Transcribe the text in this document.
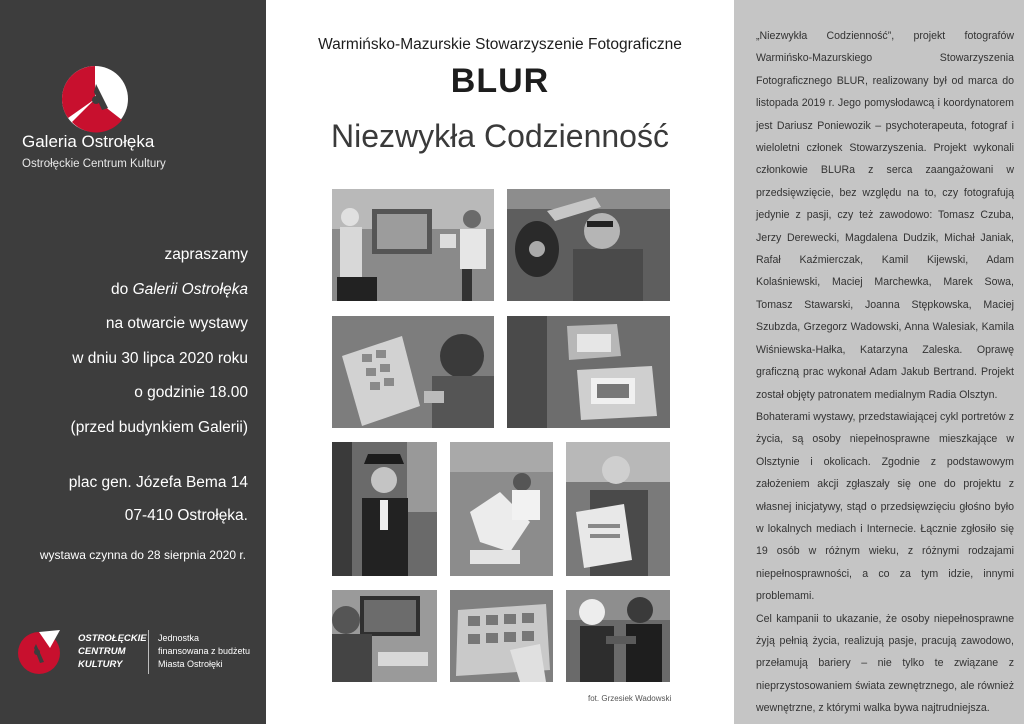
Galeria Ostrołęka
Ostrołęckie Centrum Kultury
zapraszamy
do Galerii Ostrołęka
na otwarcie wystawy
w dniu 30 lipca 2020 roku
o godzinie 18.00
(przed budynkiem Galerii)
plac gen. Józefa Bema 14
07-410 Ostrołęka.
wystawa czynna do 28 sierpnia 2020 r.
OSTROŁĘCKIE
CENTRUM
KULTURY
Jednostka
finansowana z budżetu
Miasta Ostrołęki
Warmińsko-Mazurskie Stowarzyszenie Fotograficzne
BLUR
Niezwykła Codzienność
fot. Grzesiek Wadowski

„Niezwykła Codzienność”, projekt fotografów Warmińsko-Mazurskiego Stowarzyszenia Fotograficznego BLUR, realizowany był od marca do listopada 2019 r. Jego pomysłodawcą i koordynatorem jest Dariusz Poniewozik – psychoterapeuta, fotograf i wieloletni członek Stowarzyszenia. Projekt wykonali członkowie BLURa z serca zaangażowani w przedsięwzięcie, bez względu na to, czy fotografują jedynie z pasji, czy też zawodowo: Tomasz Czuba, Jerzy Derewecki, Magdalena Dudzik, Michał Janiak, Rafał Kaźmierczak, Kamil Kijewski, Adam Kolaśniewski, Maciej Marchewka, Marek Sowa, Tomasz Stawarski, Joanna Stępkowska, Maciej Szubzda, Grzegorz Wadowski, Anna Walesiak, Kamila Wiśniewska-Hałka, Katarzyna Zaleska. Oprawę graficzną prac wykonał Adam Jakub Bertrand. Projekt został objęty patronatem medialnym Radia Olsztyn.

Bohaterami wystawy, przedstawiającej cykl portretów z życia, są osoby niepełnosprawne mieszkające w Olsztynie i okolicach. Zgodnie z podstawowym założeniem akcji zgłaszały się one do projektu z własnej inicjatywy, stąd o przedsięwzięciu głośno było w lokalnych mediach i Internecie. Łącznie zgłosiło się 19 osób w różnym wieku, z różnymi rodzajami niepełnosprawności, a co za tym idzie, innymi problemami.

Cel kampanii to ukazanie, że osoby niepełnosprawne żyją pełnią życia, realizują pasje, pracują zawodowo, przełamują bariery – nie tylko te związane z nieprzystosowaniem świata zewnętrznego, ale również wewnętrzne, z którymi walka bywa najtrudniejsza.
